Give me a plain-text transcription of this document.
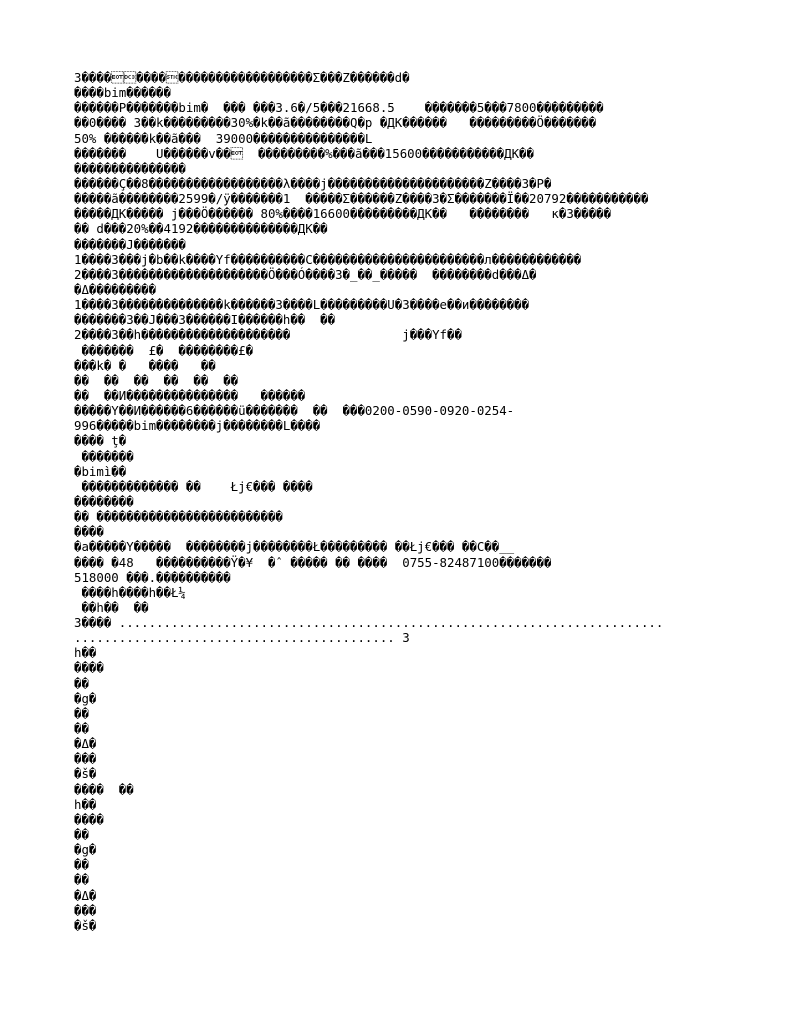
3��������������������������Σ���Z������d�
����bim������
������P�������bim�  ��� ���3.6�/5���21668.5    �������5���7800���������
��0���� 3��k���������30%�k��ã��������Q�p �ДК������   ���������Ö�������
50% ������k��ã���  39000���������������L
�������    U������v��  ���������%���ã���15600�����������ДК��
���������������
������Ç��8������������������λ����j���������������������Z����3�P�
�����ã��������2599�/ÿ�������1  �����Σ������Z����3�Σ�������Ï��20792�����������
�����ДК����� j���Ö������ 80%����16600���������ДК��   ��������   к�3�����
�� d���20%��4192��������������ДК��
�������J�������
1����3���j�b��k����Yf����������C�����������������������л������������
2����3��������������������Ö���Ó����3�_��_�����  ��������d���Δ�
�Δ���������
1����3��������������k������3����L���������U�3����e��и��������
�������3��J���3������I������h��  ��
2����3��h��������������������               j���Yf��
�������  £�  ��������£�
���k� �   ����   ��
��  ��  ��  ��  ��  ��
��  ��И���������������   ������
�����Y��И������6������ü�������  ��  ���0200-0590-0920-0254-
996�����bim��������j��������L����
���� ţ�
�������
�bimì��
������������� ��    Łj€��� ����
��������
�� �������������������������
����
�a�����Y�����  ��������j��������Ł��������� ��Łj€��� ��C��__
���� �48   ����������Ÿ�¥  �ˆ ����� �� ����  0755-82487100�������
518000 ���.����������
����h����h��Ł¼
��h��  ��
3���� .........................................................................
........................................... 3
h��
����
��
�g�
��
��
�Δ�
���
�š�
����  ��
h��
����
��
�g�
��
��
�Δ�
���
�š�
